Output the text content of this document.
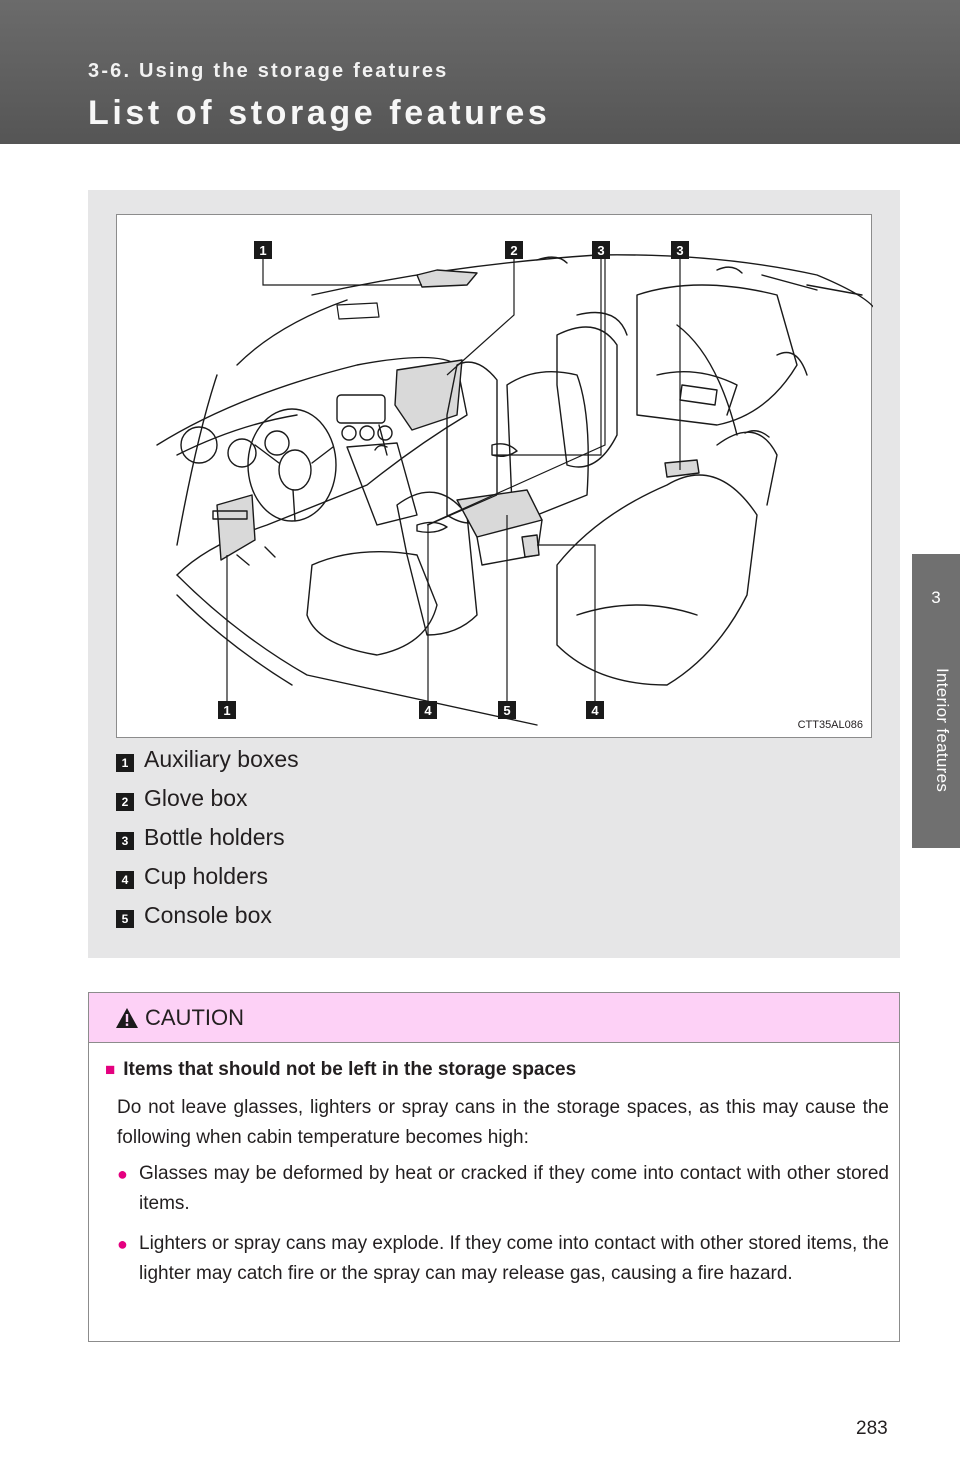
3-6. Using the storage features
List of storage features
3
Interior features
1	2	3	3
1	4	5	4
CTT35AL086
1 Auxiliary boxes
2 Glove box
3 Bottle holders
4 Cup holders
5 Console box
CAUTION
■ Items that should not be left in the storage spaces
Do not leave glasses, lighters or spray cans in the storage spaces, as this may cause the following when cabin temperature becomes high:
● Glasses may be deformed by heat or cracked if they come into contact with other stored items.
● Lighters or spray cans may explode. If they come into contact with other stored items, the lighter may catch fire or the spray can may release gas, causing a fire hazard.
283
